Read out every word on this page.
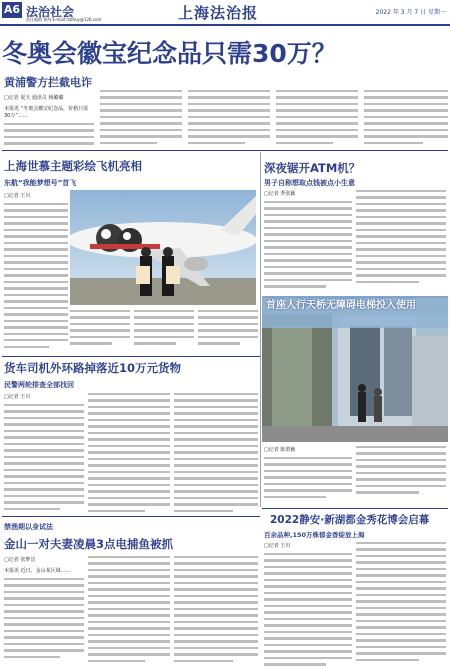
A6 法治社会
责任编辑 黄海 E-mail:fzbhuy@126.com	上海法治报	2022 年 3 月 7 日 星期一
冬奥会徽宝纪念品只需30万？
黄浦警方拦截电诈
□记者 夏天 通讯员 杨璐璐
本报讯 “冬奥会徽宝纪念品，价格只需30万”……
上海世慕主题彩绘飞机亮相
东航“我能梦想号”首飞
□记者 王川
深夜锯开ATM机？
男子自称想取点钱被点小生意
□记者 季张颖
首座人行天桥无障碍电梯投入使用
货车司机外环路掉落近10万元货物
民警两轮排查全部找回
□记者 王川
□记者 陈蕾颖
2022静安·新湖都金秀花博会启幕
百余品种,150万株郁金香绽放上海
□记者 王川
禁渔期以身试法
金山一对夫妻凌晨3点电捕鱼被抓
□记者 张梦洁
本报讯 近日，金山某区域……
